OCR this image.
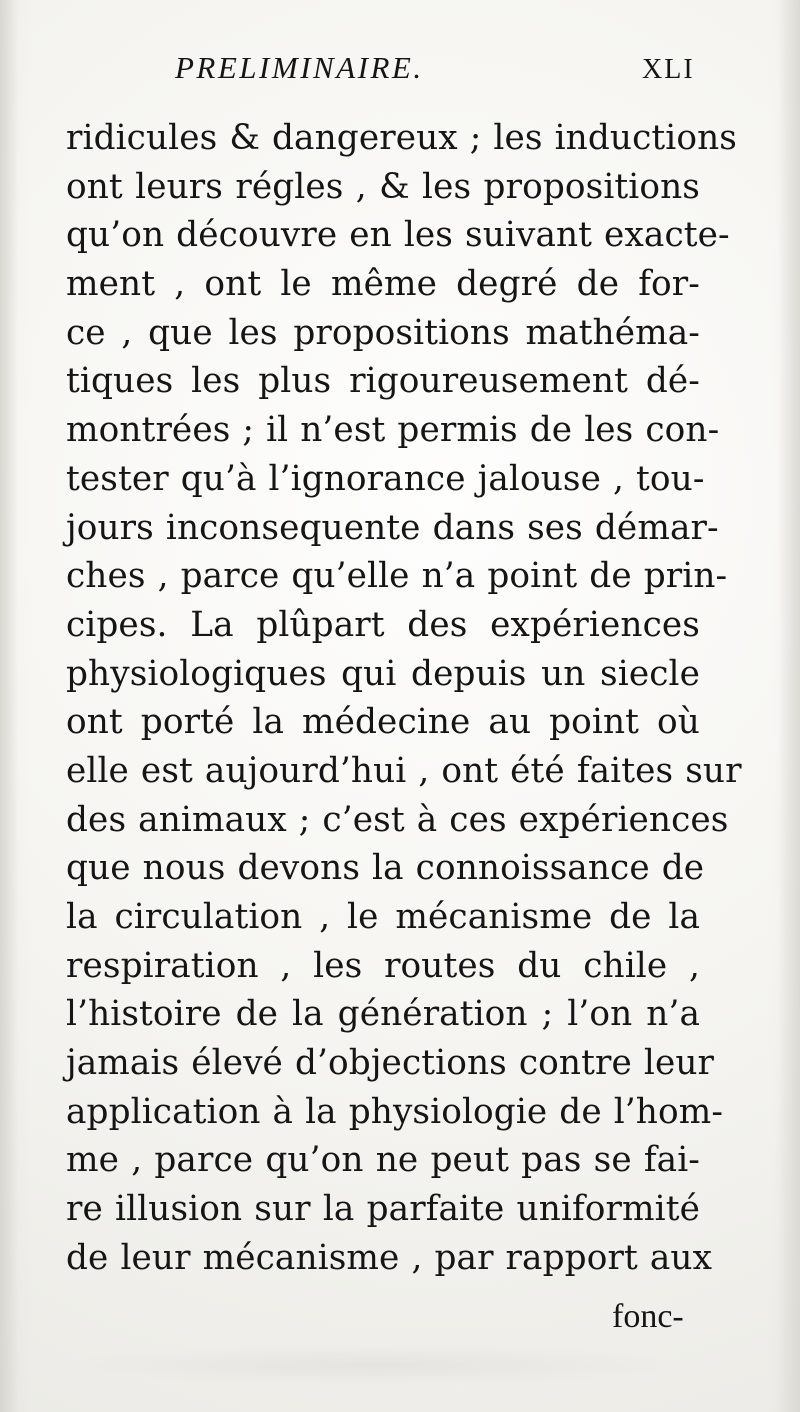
PRELIMINAIRE.	XLI
ridicules & dangereux ; les inductions
ont leurs régles , & les propositions
qu’on découvre en les suivant exacte-
ment , ont le même degré de for-
ce , que les propositions mathéma-
tiques les plus rigoureusement dé-
montrées ; il n’est permis de les con-
tester qu’à l’ignorance jalouse , tou-
jours inconsequente dans ses démar-
ches , parce qu’elle n’a point de prin-
cipes. La plûpart des expériences
physiologiques qui depuis un siecle
ont porté la médecine au point où
elle est aujourd’hui , ont été faites sur
des animaux ; c’est à ces expériences
que nous devons la connoissance de
la circulation , le mécanisme de la
respiration , les routes du chile ,
l’histoire de la génération ; l’on n’a
jamais élevé d’objections contre leur
application à la physiologie de l’hom-
me , parce qu’on ne peut pas se fai-
re illusion sur la parfaite uniformité
de leur mécanisme , par rapport aux
fonc-
